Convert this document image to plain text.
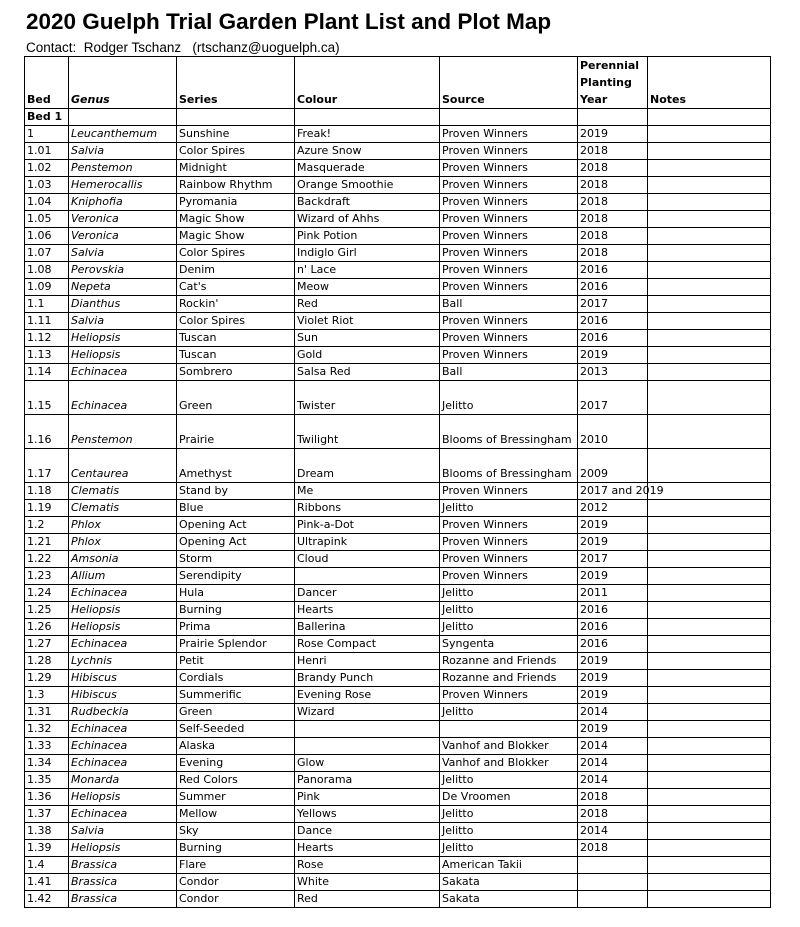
2020 Guelph Trial Garden Plant List and Plot Map
Contact:  Rodger Tschanz   (rtschanz@uoguelph.ca)
Bed	Genus	Series	Colour	Source	Perennial Planting Year	Notes
Bed 1						
1	Leucanthemum	Sunshine	Freak!	Proven Winners	2019	
1.01	Salvia	Color Spires	Azure Snow	Proven Winners	2018	
1.02	Penstemon	Midnight	Masquerade	Proven Winners	2018	
1.03	Hemerocallis	Rainbow Rhythm	Orange Smoothie	Proven Winners	2018	
1.04	Kniphofia	Pyromania	Backdraft	Proven Winners	2018	
1.05	Veronica	Magic Show	Wizard of Ahhs	Proven Winners	2018	
1.06	Veronica	Magic Show	Pink Potion	Proven Winners	2018	
1.07	Salvia	Color Spires	Indiglo Girl	Proven Winners	2018	
1.08	Perovskia	Denim	n' Lace	Proven Winners	2016	
1.09	Nepeta	Cat's	Meow	Proven Winners	2016	
1.1	Dianthus	Rockin'	Red	Ball	2017	
1.11	Salvia	Color Spires	Violet Riot	Proven Winners	2016	
1.12	Heliopsis	Tuscan	Sun	Proven Winners	2016	
1.13	Heliopsis	Tuscan	Gold	Proven Winners	2019	
1.14	Echinacea	Sombrero	Salsa Red	Ball	2013	
1.15	Echinacea	Green	Twister	Jelitto	2017	

1.16	Penstemon	Prairie	Twilight	Blooms of Bressingham	2010	

1.17	Centaurea	Amethyst	Dream	Blooms of Bressingham	2009	

1.18	Clematis	Stand by	Me	Proven Winners	2017 and 2019	
1.19	Clematis	Blue	Ribbons	Jelitto	2012	
1.2	Phlox	Opening Act	Pink-a-Dot	Proven Winners	2019	
1.21	Phlox	Opening Act	Ultrapink	Proven Winners	2019	
1.22	Amsonia	Storm	Cloud	Proven Winners	2017	
1.23	Allium	Serendipity		Proven Winners	2019	
1.24	Echinacea	Hula	Dancer	Jelitto	2011	
1.25	Heliopsis	Burning	Hearts	Jelitto	2016	
1.26	Heliopsis	Prima	Ballerina	Jelitto	2016	
1.27	Echinacea	Prairie Splendor	Rose Compact	Syngenta	2016	
1.28	Lychnis	Petit	Henri	Rozanne and Friends	2019	
1.29	Hibiscus	Cordials	Brandy Punch	Rozanne and Friends	2019	
1.3	Hibiscus	Summerific	Evening Rose	Proven Winners	2019	
1.31	Rudbeckia	Green	Wizard	Jelitto	2014	
1.32	Echinacea	Self-Seeded			2019	
1.33	Echinacea	Alaska		Vanhof and Blokker	2014	
1.34	Echinacea	Evening	Glow	Vanhof and Blokker	2014	
1.35	Monarda	Red Colors	Panorama	Jelitto	2014	
1.36	Heliopsis	Summer	Pink	De Vroomen	2018	
1.37	Echinacea	Mellow	Yellows	Jelitto	2018	
1.38	Salvia	Sky	Dance	Jelitto	2014	
1.39	Heliopsis	Burning	Hearts	Jelitto	2018	
1.4	Brassica	Flare	Rose	American Takii		
1.41	Brassica	Condor	White	Sakata		
1.42	Brassica	Condor	Red	Sakata		
